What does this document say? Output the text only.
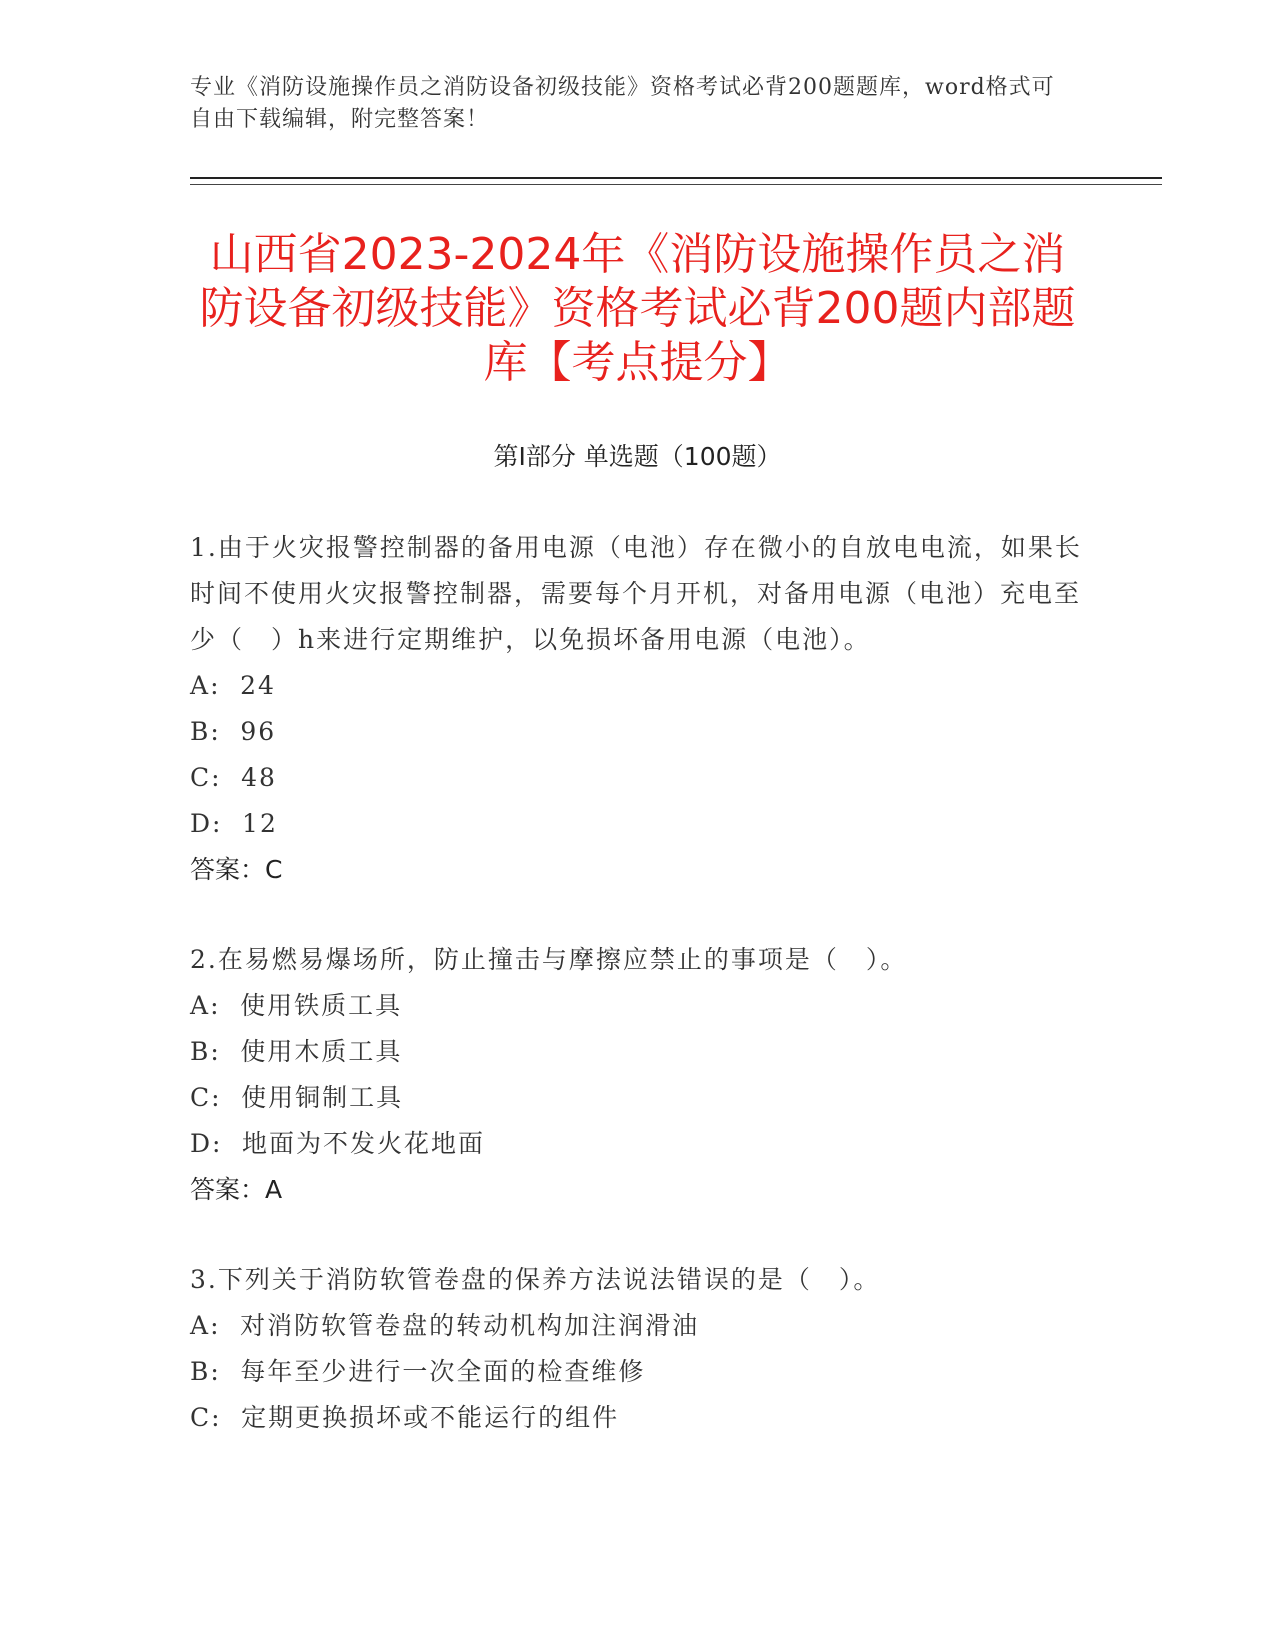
专业《消防设施操作员之消防设备初级技能》资格考试必背200题题库，word格式可自由下载编辑，附完整答案！
山西省2023-2024年《消防设施操作员之消防设备初级技能》资格考试必背200题内部题库【考点提分】
第I部分 单选题（100题）

1.由于火灾报警控制器的备用电源（电池）存在微小的自放电电流，如果长时间不使用火灾报警控制器，需要每个月开机，对备用电源（电池）充电至少（　）h来进行定期维护，以免损坏备用电源（电池）。

A : 24
B : 96
C : 48
D : 12
答案：C

2.在易燃易爆场所，防止撞击与摩擦应禁止的事项是（　）。

A : 使用铁质工具
B : 使用木质工具
C : 使用铜制工具
D : 地面为不发火花地面
答案：A

3.下列关于消防软管卷盘的保养方法说法错误的是（　）。

A : 对消防软管卷盘的转动机构加注润滑油
B : 每年至少进行一次全面的检查维修
C : 定期更换损坏或不能运行的组件
